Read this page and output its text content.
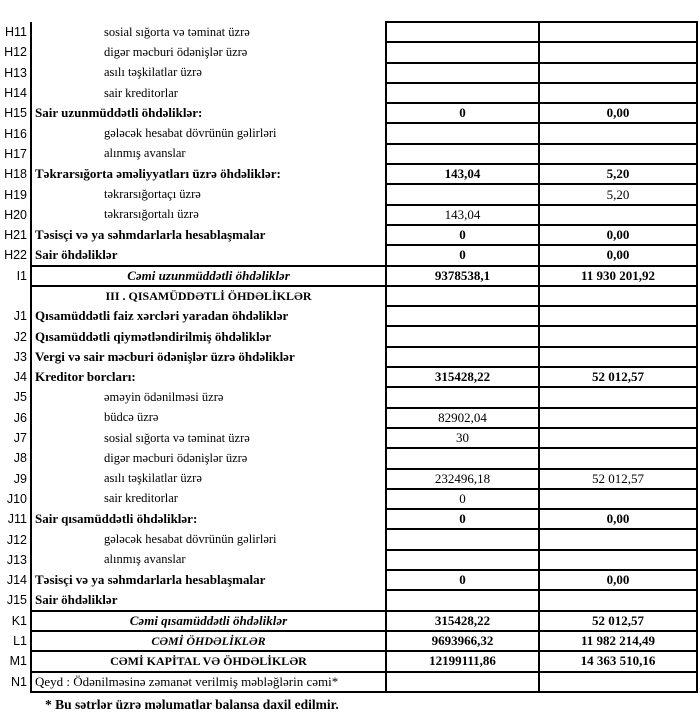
H11	sosial sığorta və təminat üzrə		
H12	digər məcburi ödənişlər üzrə		
H13	asılı təşkilatlar üzrə		
H14	sair kreditorlar		
H15	Sair uzunmüddətli öhdəliklər:	0	0,00
H16	gələcək hesabat dövrünün gəlirləri		
H17	alınmış avanslar		
H18	Təkrarsığorta əməliyyatları üzrə öhdəliklər:	143,04	5,20
H19	təkrarsığortaçı üzrə		5,20
H20	təkrarsığortalı üzrə	143,04	
H21	Təsisçi və ya səhmdarlarla hesablaşmalar	0	0,00
H22	Sair öhdəliklər	0	0,00
I1	Cəmi uzunmüddətli öhdəliklər	9378538,1	11 930 201,92
	III . QISAMÜDDƏTLİ ÖHDƏLİKLƏR		
J1	Qısamüddətli faiz xərcləri yaradan öhdəliklər		
J2	Qısamüddətli qiymətləndirilmiş öhdəliklər		
J3	Vergi və sair məcburi ödənişlər üzrə öhdəliklər		
J4	Kreditor borcları:	315428,22	52 012,57
J5	əməyin ödənilməsi üzrə		
J6	büdcə üzrə	82902,04	
J7	sosial sığorta və təminat üzrə	30	
J8	digər məcburi ödənişlər üzrə		
J9	asılı təşkilatlar üzrə	232496,18	52 012,57
J10	sair kreditorlar	0	
J11	Sair qısamüddətli öhdəliklər:	0	0,00
J12	gələcək hesabat dövrünün gəlirləri		
J13	alınmış avanslar		
J14	Təsisçi və ya səhmdarlarla hesablaşmalar	0	0,00
J15	Sair öhdəliklər		
K1	Cəmi qısamüddətli öhdəliklər	315428,22	52 012,57
L1	CƏMİ ÖHDƏLİKLƏR	9693966,32	11 982 214,49
M1	CƏMİ KAPİTAL VƏ ÖHDƏLİKLƏR	12199111,86	14 363 510,16
N1	Qeyd : Ödənilməsinə zəmanət verilmiş məbləğlərin cəmi*		
* Bu sətrlər üzrə məlumatlar balansa daxil edilmir.
